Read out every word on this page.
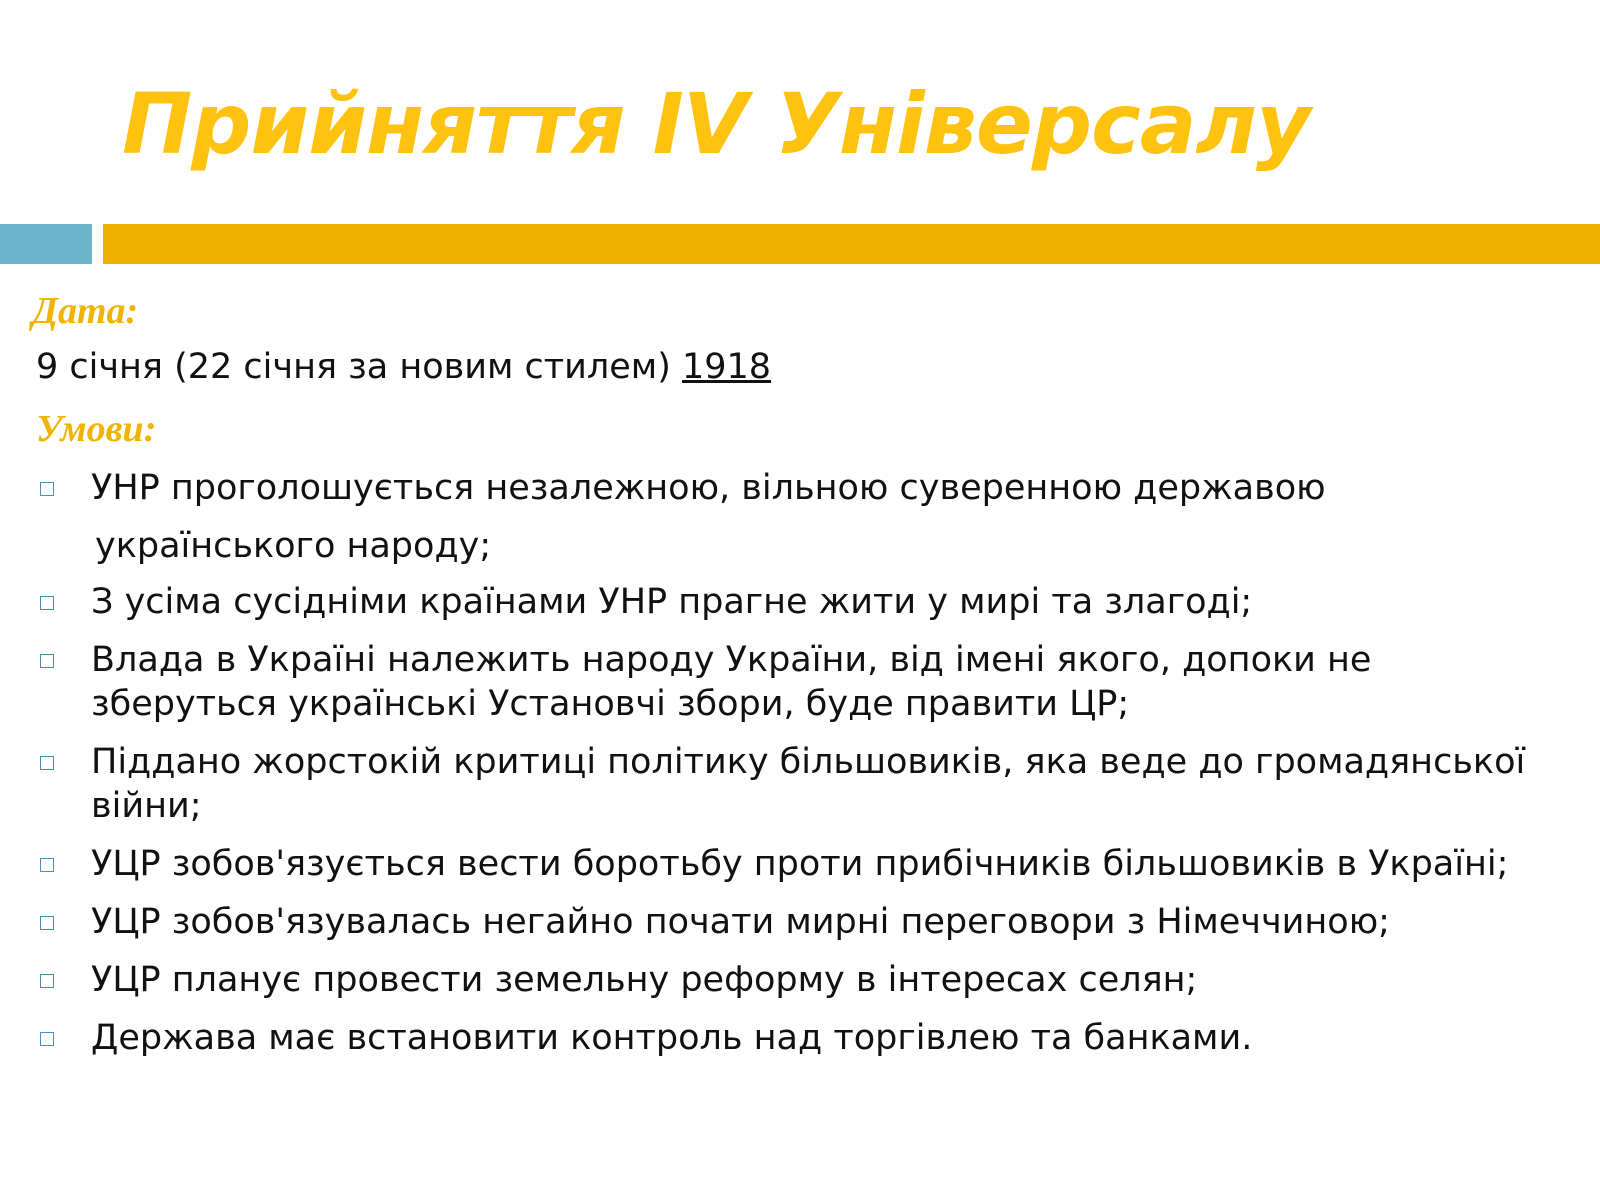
Прийняття IV Універсалу

Дата:

9 січня (22 січня за новим стилем) 1918

Умови:

УНР проголошується незалежною, вільною суверенною державою
українського народу;
З усіма сусідніми країнами УНР прагне жити у мирі та злагоді;
Влада в Україні належить народу України, від імені якого, допоки не зберуться українські Установчі збори, буде правити ЦР;
Піддано жорстокій критиці політику більшовиків, яка веде до громадянської війни;
УЦР зобов'язується вести боротьбу проти прибічників більшовиків в Україні;
УЦР зобов'язувалась негайно почати мирні переговори з Німеччиною;
УЦР планує провести земельну реформу в інтересах селян;
Держава має встановити контроль над торгівлею та банками.
